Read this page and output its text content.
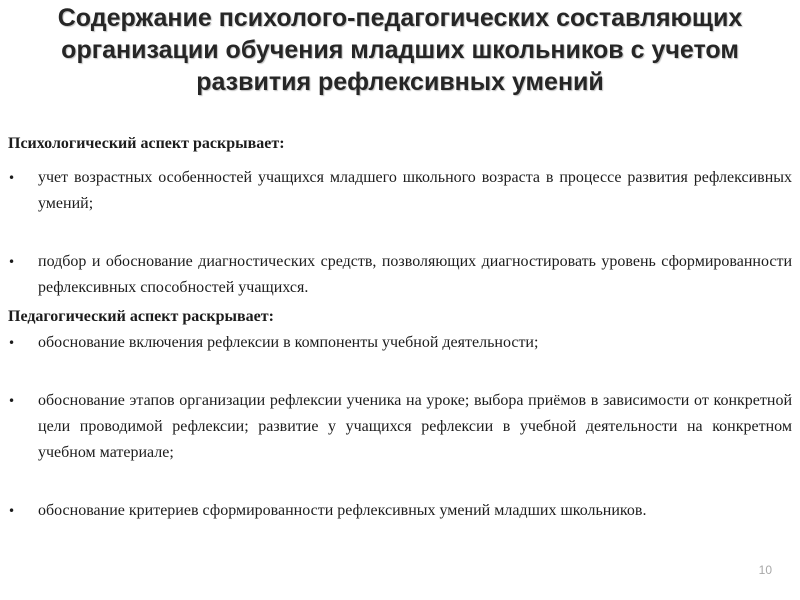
Содержание психолого-педагогических составляющих
организации обучения младших школьников с учетом
развития рефлексивных умений

Психологический аспект раскрывает:

•	учет возрастных особенностей учащихся младшего школьного возраста в процессе развития рефлексивных умений;
•	подбор и обоснование диагностических средств, позволяющих диагностировать уровень сформированности рефлексивных способностей учащихся.

Педагогический аспект раскрывает:

•	обоснование включения рефлексии в компоненты учебной деятельности;
•	обоснование этапов организации рефлексии ученика на уроке; выбора приёмов в зависимости от конкретной цели проводимой рефлексии; развитие у учащихся рефлексии в учебной деятельности на конкретном учебном материале;
•	обоснование критериев сформированности рефлексивных умений младших школьников.
10
